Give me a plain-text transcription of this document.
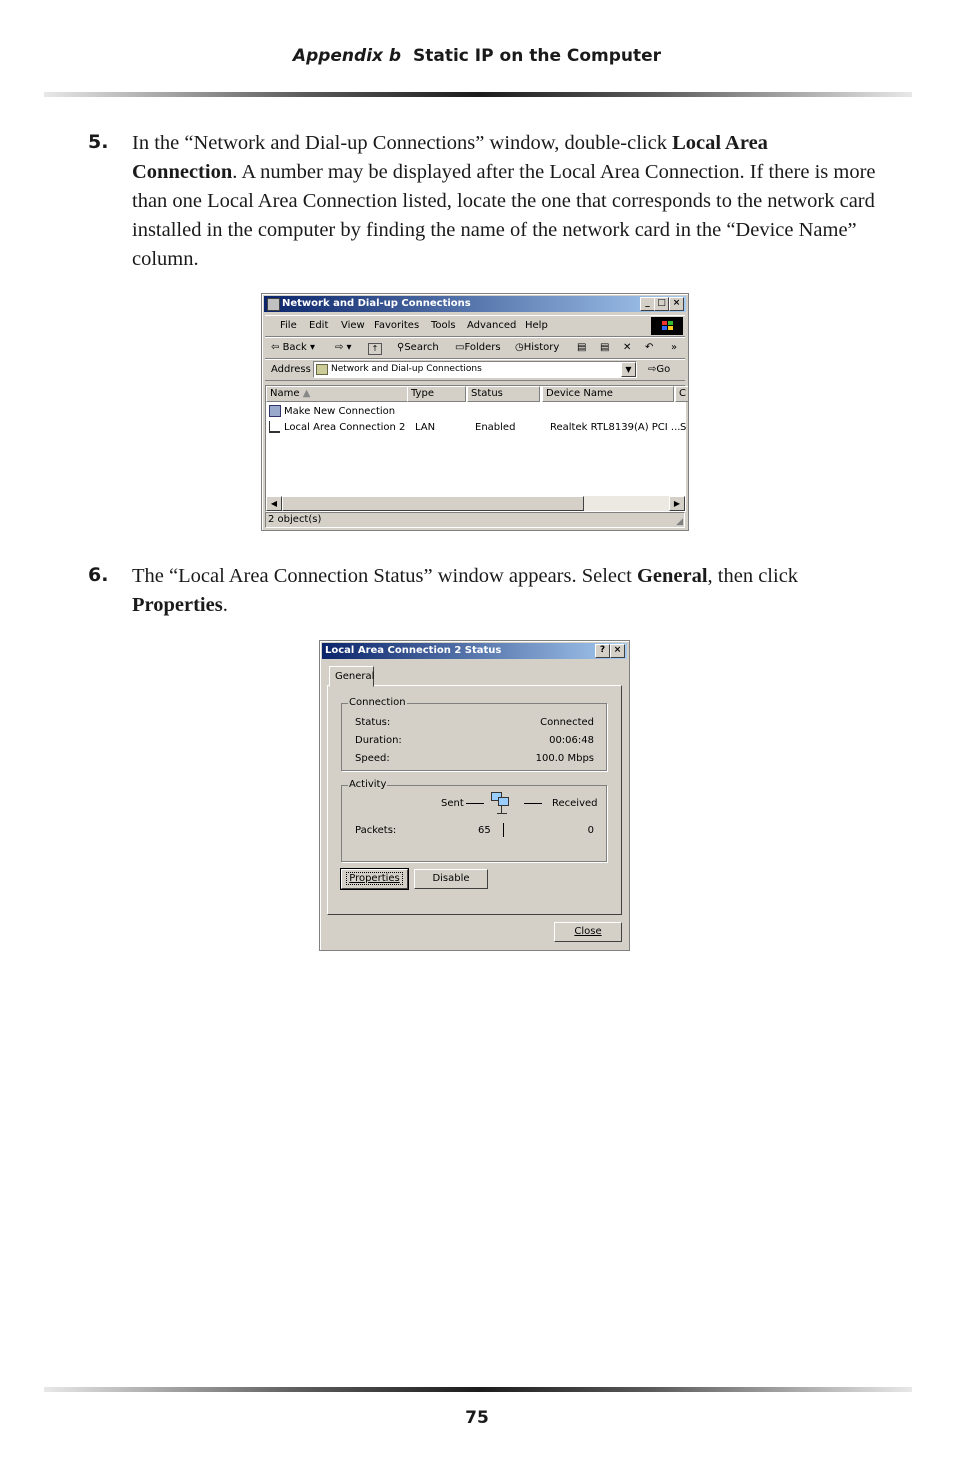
Appendix b Static IP on the Computer
5. In the “Network and Dial-up Connections” window, double-click Local Area Connection. A number may be displayed after the Local Area Connection. If there is more than one Local Area Connection listed, locate the one that corresponds to the network card installed in the computer by finding the name of the network card in the “Device Name” column.
Network and Dial-up Connections	_ □ ×
File Edit View Favorites Tools Advanced Help
⇦ Back ▾ ⇨ ▾	↑	⚲Search ▭Folders ◷History ▤ ▤ ✕ ↶ »
Address Network and Dial-up Connections	▼	⇨Go
Name ▲	Type	Status	Device Name	C
Make New Connection
Local Area Connection 2 LAN	Enabled	Realtek RTL8139(A) PCI ... S
◀	▶
2 object(s)	◢
6. The “Local Area Connection Status” window appears. Select General, then click Properties.
Local Area Connection 2 Status	? ×
General
Connection
Status:	Connected
Duration:	00:06:48
Speed:	100.0 Mbps
Activity
Sent	Received
Packets:	65	0
Properties	Disable
Close
75
